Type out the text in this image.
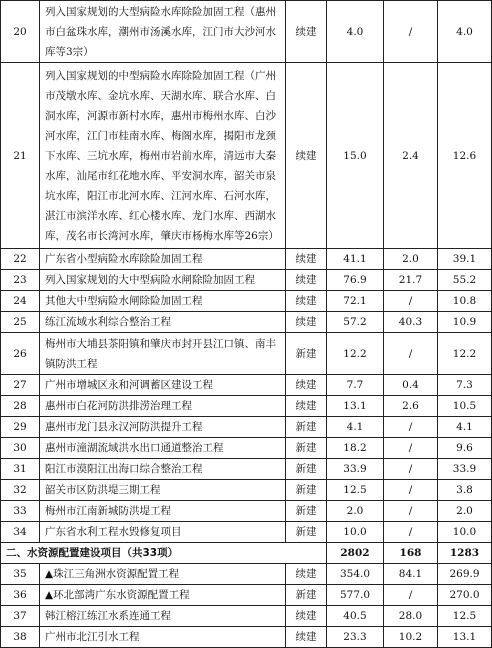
20	列入国家规划的大型病险水库除险加固工程（惠州市白盆珠水库，潮州市汤溪水库，江门市大沙河水库等3宗）	续建	4.0	/	4.0
21	列入国家规划的中型病险水库除险加固工程（广州市茂墩水库、金坑水库、天湖水库、联合水库、白洞水库，河源市新村水库，惠州市梅州水库、白沙河水库，江门市桂南水库、梅阁水库，揭阳市龙颈下水库、三坑水库，梅州市岩前水库，清远市大秦水库，汕尾市红花地水库、平安洞水库，韶关市泉坑水库，阳江市北河水库、江河水库、石河水库，湛江市滨洋水库、红心楼水库、龙门水库、西湖水库，茂名市长湾河水库，肇庆市杨梅水库等26宗）	续建	15.0	2.4	12.6
22	广东省小型病险水库除险加固工程	续建	41.1	2.0	39.1
23	列入国家规划的大中型病险水闸除险加固工程	续建	76.9	21.7	55.2
24	其他大中型病险水闸除险加固工程	续建	72.1	/	10.8
25	练江流域水利综合整治工程	续建	57.2	40.3	10.9
26	梅州市大埔县茶阳镇和肇庆市封开县江口镇、南丰镇防洪工程	新建	12.2	/	12.2
27	广州市增城区永和河调蓄区建设工程	续建	7.7	0.4	7.3
28	惠州市白花河防洪排涝治理工程	续建	13.1	2.6	10.5
29	惠州市龙门县永汉河防洪提升工程	新建	4.1	/	4.1
30	惠州市潼湖流域洪水出口通道整治工程	新建	18.2	/	9.6
31	阳江市漠阳江出海口综合整治工程	新建	33.9	/	33.9
32	韶关市区防洪堤三期工程	新建	12.5	/	3.8
33	梅州市江南新城防洪堤工程	新建	2.0	/	2.0
34	广东省水利工程水毁修复项目	新建	10.0	/	10.0
二、水资源配置建设项目（共33项）			2802	168	1283
35	▲珠江三角洲水资源配置工程	续建	354.0	84.1	269.9
36	▲环北部湾广东水资源配置工程	新建	577.0	/	270.0
37	韩江榕江练江水系连通工程	续建	40.5	28.0	12.5
38	广州市北江引水工程	续建	23.3	10.2	13.1
